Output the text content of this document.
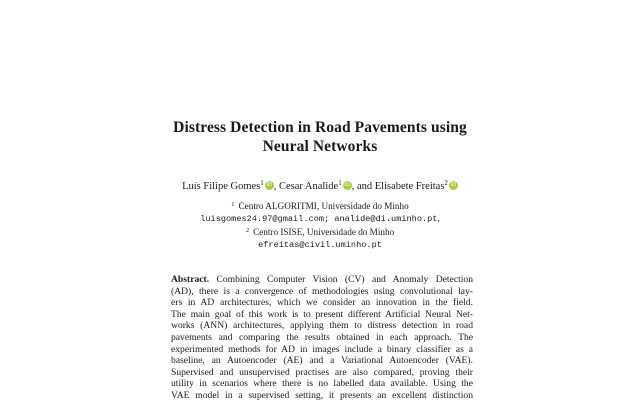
Distress Detection in Road Pavements using
Neural Networks
Luís Filipe Gomes$^1$ iD , Cesar Analide$^1$ iD , and Elisabete Freitas$^2$ iD
$^1$ Centro ALGORITMI, Universidade do Minho
luisgomes24.97@gmail.com; analide@di.uminho.pt,
$^2$ Centro ISISE, Universidade do Minho
efreitas@civil.uminho.pt
Abstract. Combining Computer Vision (CV) and Anomaly Detection
(AD), there is a convergence of methodologies using convolutional lay-
ers in AD architectures, which we consider an innovation in the field.
The main goal of this work is to present different Artificial Neural Net-
works (ANN) architectures, applying them to distress detection in road
pavements and comparing the results obtained in each approach. The
experimented methods for AD in images include a binary classifier as a
baseline, an Autoencoder (AE) and a Variational Autoencoder (VAE).
Supervised and unsupervised practises are also compared, proving their
utility in scenarios where there is no labelled data available. Using the
VAE model in a supervised setting, it presents an excellent distinction
